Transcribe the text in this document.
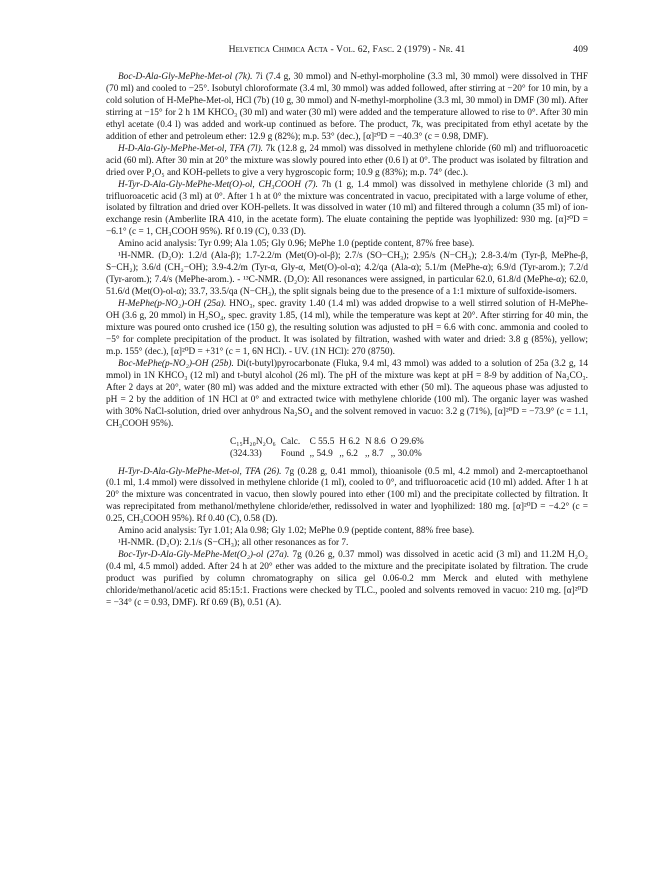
Helvetica Chimica Acta - Vol. 62, Fasc. 2 (1979) - Nr. 41	409

Boc-D-Ala-Gly-MePhe-Met-ol (7k). 7i (7.4 g, 30 mmol) and N-ethyl-morpholine (3.3 ml, 30 mmol) were dissolved in THF (70 ml) and cooled to −25°. Isobutyl chloroformate (3.4 ml, 30 mmol) was added followed, after stirring at −20° for 10 min, by a cold solution of H-MePhe-Met-ol, HCl (7b) (10 g, 30 mmol) and N-methyl-morpholine (3.3 ml, 30 mmol) in DMF (30 ml). After stirring at −15° for 2 h 1M KHCO₃ (30 ml) and water (30 ml) were added and the temperature allowed to rise to 0°. After 30 min ethyl acetate (0.4 l) was added and work-up continued as before. The product, 7k, was precipitated from ethyl acetate by the addition of ether and petroleum ether: 12.9 g (82%); m.p. 53° (dec.), [α]²⁰D = −40.3° (c = 0.98, DMF).

H-D-Ala-Gly-MePhe-Met-ol, TFA (7l). 7k (12.8 g, 24 mmol) was dissolved in methylene chloride (60 ml) and trifluoroacetic acid (60 ml). After 30 min at 20° the mixture was slowly poured into ether (0.6 l) at 0°. The product was isolated by filtration and dried over P₂O₅ and KOH-pellets to give a very hygroscopic form; 10.9 g (83%); m.p. 74° (dec.).

H-Tyr-D-Ala-Gly-MePhe-Met(O)-ol, CH₃COOH (7). 7h (1 g, 1.4 mmol) was dissolved in methylene chloride (3 ml) and trifluoroacetic acid (3 ml) at 0°. After 1 h at 0° the mixture was concentrated in vacuo, precipitated with a large volume of ether, isolated by filtration and dried over KOH-pellets. It was dissolved in water (10 ml) and filtered through a column (35 ml) of ion-exchange resin (Amberlite IRA 410, in the acetate form). The eluate containing the peptide was lyophilized: 930 mg. [α]²⁰D = −6.1° (c = 1, CH₃COOH 95%). Rf 0.19 (C), 0.33 (D).

Amino acid analysis: Tyr 0.99; Ala 1.05; Gly 0.96; MePhe 1.0 (peptide content, 87% free base).

¹H-NMR. (D₂O): 1.2/d (Ala-β); 1.7-2.2/m (Met(O)-ol-β); 2.7/s (SO−CH₃); 2.95/s (N−CH₃); 2.8-3.4/m (Tyr-β, MePhe-β, S−CH₂); 3.6/d (CH₂−OH); 3.9-4.2/m (Tyr-α, Gly-α, Met(O)-ol-α); 4.2/qa (Ala-α); 5.1/m (MePhe-α); 6.9/d (Tyr-arom.); 7.2/d (Tyr-arom.); 7.4/s (MePhe-arom.). - ¹³C-NMR. (D₂O): All resonances were assigned, in particular 62.0, 61.8/d (MePhe-α); 62.0, 51.6/d (Met(O)-ol-α); 33.7, 33.5/qa (N−CH₃), the split signals being due to the presence of a 1:1 mixture of sulfoxide-isomers.

H-MePhe(p-NO₂)-OH (25a). HNO₃, spec. gravity 1.40 (1.4 ml) was added dropwise to a well stirred solution of H-MePhe-OH (3.6 g, 20 mmol) in H₂SO₄, spec. gravity 1.85, (14 ml), while the temperature was kept at 20°. After stirring for 40 min, the mixture was poured onto crushed ice (150 g), the resulting solution was adjusted to pH = 6.6 with conc. ammonia and cooled to −5° for complete precipitation of the product. It was isolated by filtration, washed with water and dried: 3.8 g (85%), yellow; m.p. 155° (dec.), [α]²⁰D = +31° (c = 1, 6N HCl). - UV. (1N HCl): 270 (8750).

Boc-MePhe(p-NO₂)-OH (25b). Di(t-butyl)pyrocarbonate (Fluka, 9.4 ml, 43 mmol) was added to a solution of 25a (3.2 g, 14 mmol) in 1N KHCO₃ (12 ml) and t-butyl alcohol (26 ml). The pH of the mixture was kept at pH = 8-9 by addition of Na₂CO₃. After 2 days at 20°, water (80 ml) was added and the mixture extracted with ether (50 ml). The aqueous phase was adjusted to pH = 2 by the addition of 1N HCl at 0° and extracted twice with methylene chloride (100 ml). The organic layer was washed with 30% NaCl-solution, dried over anhydrous Na₂SO₄ and the solvent removed in vacuo: 3.2 g (71%), [α]²⁰D = −73.9° (c = 1.1, CH₃COOH 95%).

C₁₅H₂₀N₂O₆	Calc.	C 55.5	H 6.2	N 8.6	O 29.6%
(324.33)	Found	,, 54.9	,, 6.2	,, 8.7	,, 30.0%

H-Tyr-D-Ala-Gly-MePhe-Met-ol, TFA (26). 7g (0.28 g, 0.41 mmol), thioanisole (0.5 ml, 4.2 mmol) and 2-mercaptoethanol (0.1 ml, 1.4 mmol) were dissolved in methylene chloride (1 ml), cooled to 0°, and trifluoroacetic acid (10 ml) added. After 1 h at 20° the mixture was concentrated in vacuo, then slowly poured into ether (100 ml) and the precipitate collected by filtration. It was reprecipitated from methanol/methylene chloride/ether, redissolved in water and lyophilized: 180 mg. [α]²⁰D = −4.2° (c = 0.25, CH₃COOH 95%). Rf 0.40 (C), 0.58 (D).

Amino acid analysis: Tyr 1.01; Ala 0.98; Gly 1.02; MePhe 0.9 (peptide content, 88% free base).

¹H-NMR. (D₂O): 2.1/s (S−CH₃); all other resonances as for 7.

Boc-Tyr-D-Ala-Gly-MePhe-Met(O₂)-ol (27a). 7g (0.26 g, 0.37 mmol) was dissolved in acetic acid (3 ml) and 11.2M H₂O₂ (0.4 ml, 4.5 mmol) added. After 24 h at 20° ether was added to the mixture and the precipitate isolated by filtration. The crude product was purified by column chromatography on silica gel 0.06-0.2 mm Merck and eluted with methylene chloride/methanol/acetic acid 85:15:1. Fractions were checked by TLC., pooled and solvents removed in vacuo: 210 mg. [α]²⁰D = −34° (c = 0.93, DMF). Rf 0.69 (B), 0.51 (A).
